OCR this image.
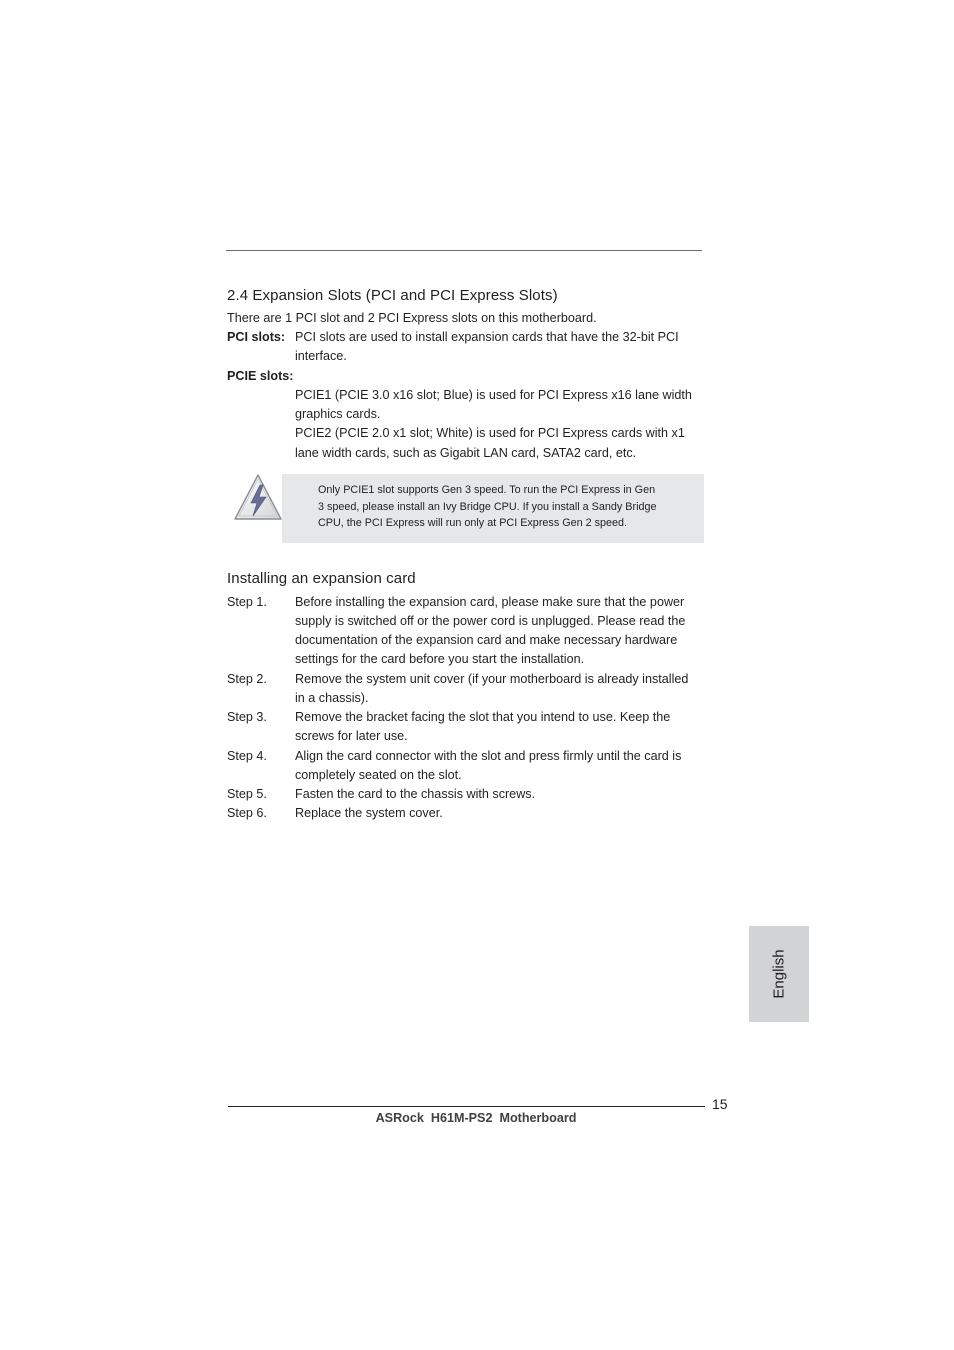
2.4 Expansion Slots (PCI and PCI Express Slots)
There are 1 PCI slot and 2 PCI Express slots on this motherboard.
PCI slots: PCI slots are used to install expansion cards that have the 32-bit PCI
interface.
PCIE slots:
PCIE1 (PCIE 3.0 x16 slot; Blue) is used for PCI Express x16 lane width
graphics cards.
PCIE2 (PCIE 2.0 x1 slot; White) is used for PCI Express cards with x1
lane width cards, such as Gigabit LAN card, SATA2 card, etc.
Only PCIE1 slot supports Gen 3 speed. To run the PCI Express in Gen
3 speed, please install an Ivy Bridge CPU. If you install a Sandy Bridge
CPU, the PCI Express will run only at PCI Express Gen 2 speed.
Installing an expansion card
Step 1. Before installing the expansion card, please make sure that the power
supply is switched off or the power cord is unplugged. Please read the
documentation of the expansion card and make necessary hardware
settings for the card before you start the installation.
Step 2. Remove the system unit cover (if your motherboard is already installed
in a chassis).
Step 3. Remove the bracket facing the slot that you intend to use. Keep the
screws for later use.
Step 4. Align the card connector with the slot and press firmly until the card is
completely seated on the slot.
Step 5. Fasten the card to the chassis with screws.
Step 6. Replace the system cover.
English
15
ASRock  H61M-PS2  Motherboard
